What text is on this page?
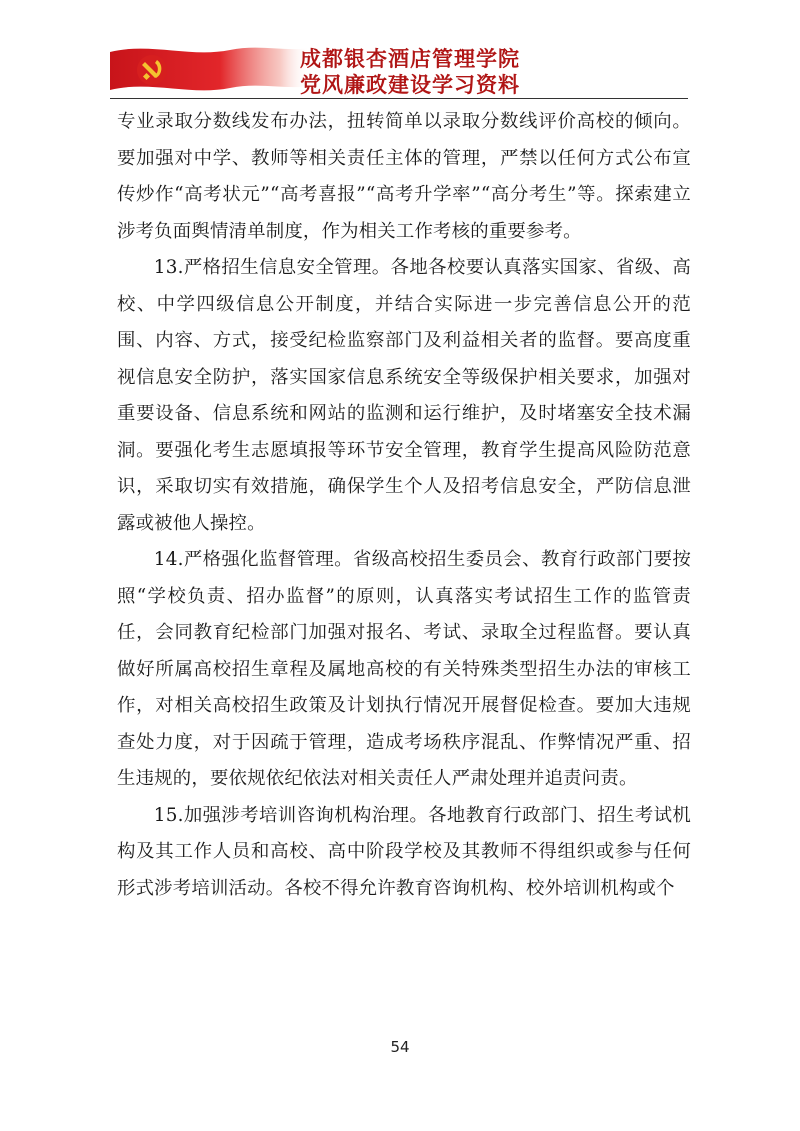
成都银杏酒店管理学院
党风廉政建设学习资料

专业录取分数线发布办法，扭转简单以录取分数线评价高校的倾向。要加强对中学、教师等相关责任主体的管理，严禁以任何方式公布宣传炒作“高考状元”“高考喜报”“高考升学率”“高分考生”等。探索建立涉考负面舆情清单制度，作为相关工作考核的重要参考。

13.严格招生信息安全管理。各地各校要认真落实国家、省级、高校、中学四级信息公开制度，并结合实际进一步完善信息公开的范围、内容、方式，接受纪检监察部门及利益相关者的监督。要高度重视信息安全防护，落实国家信息系统安全等级保护相关要求，加强对重要设备、信息系统和网站的监测和运行维护，及时堵塞安全技术漏洞。要强化考生志愿填报等环节安全管理，教育学生提高风险防范意识，采取切实有效措施，确保学生个人及招考信息安全，严防信息泄露或被他人操控。

14.严格强化监督管理。省级高校招生委员会、教育行政部门要按照“学校负责、招办监督”的原则，认真落实考试招生工作的监管责任，会同教育纪检部门加强对报名、考试、录取全过程监督。要认真做好所属高校招生章程及属地高校的有关特殊类型招生办法的审核工作，对相关高校招生政策及计划执行情况开展督促检查。要加大违规查处力度，对于因疏于管理，造成考场秩序混乱、作弊情况严重、招生违规的，要依规依纪依法对相关责任人严肃处理并追责问责。

15.加强涉考培训咨询机构治理。各地教育行政部门、招生考试机构及其工作人员和高校、高中阶段学校及其教师不得组织或参与任何形式涉考培训活动。各校不得允许教育咨询机构、校外培训机构或个

54
